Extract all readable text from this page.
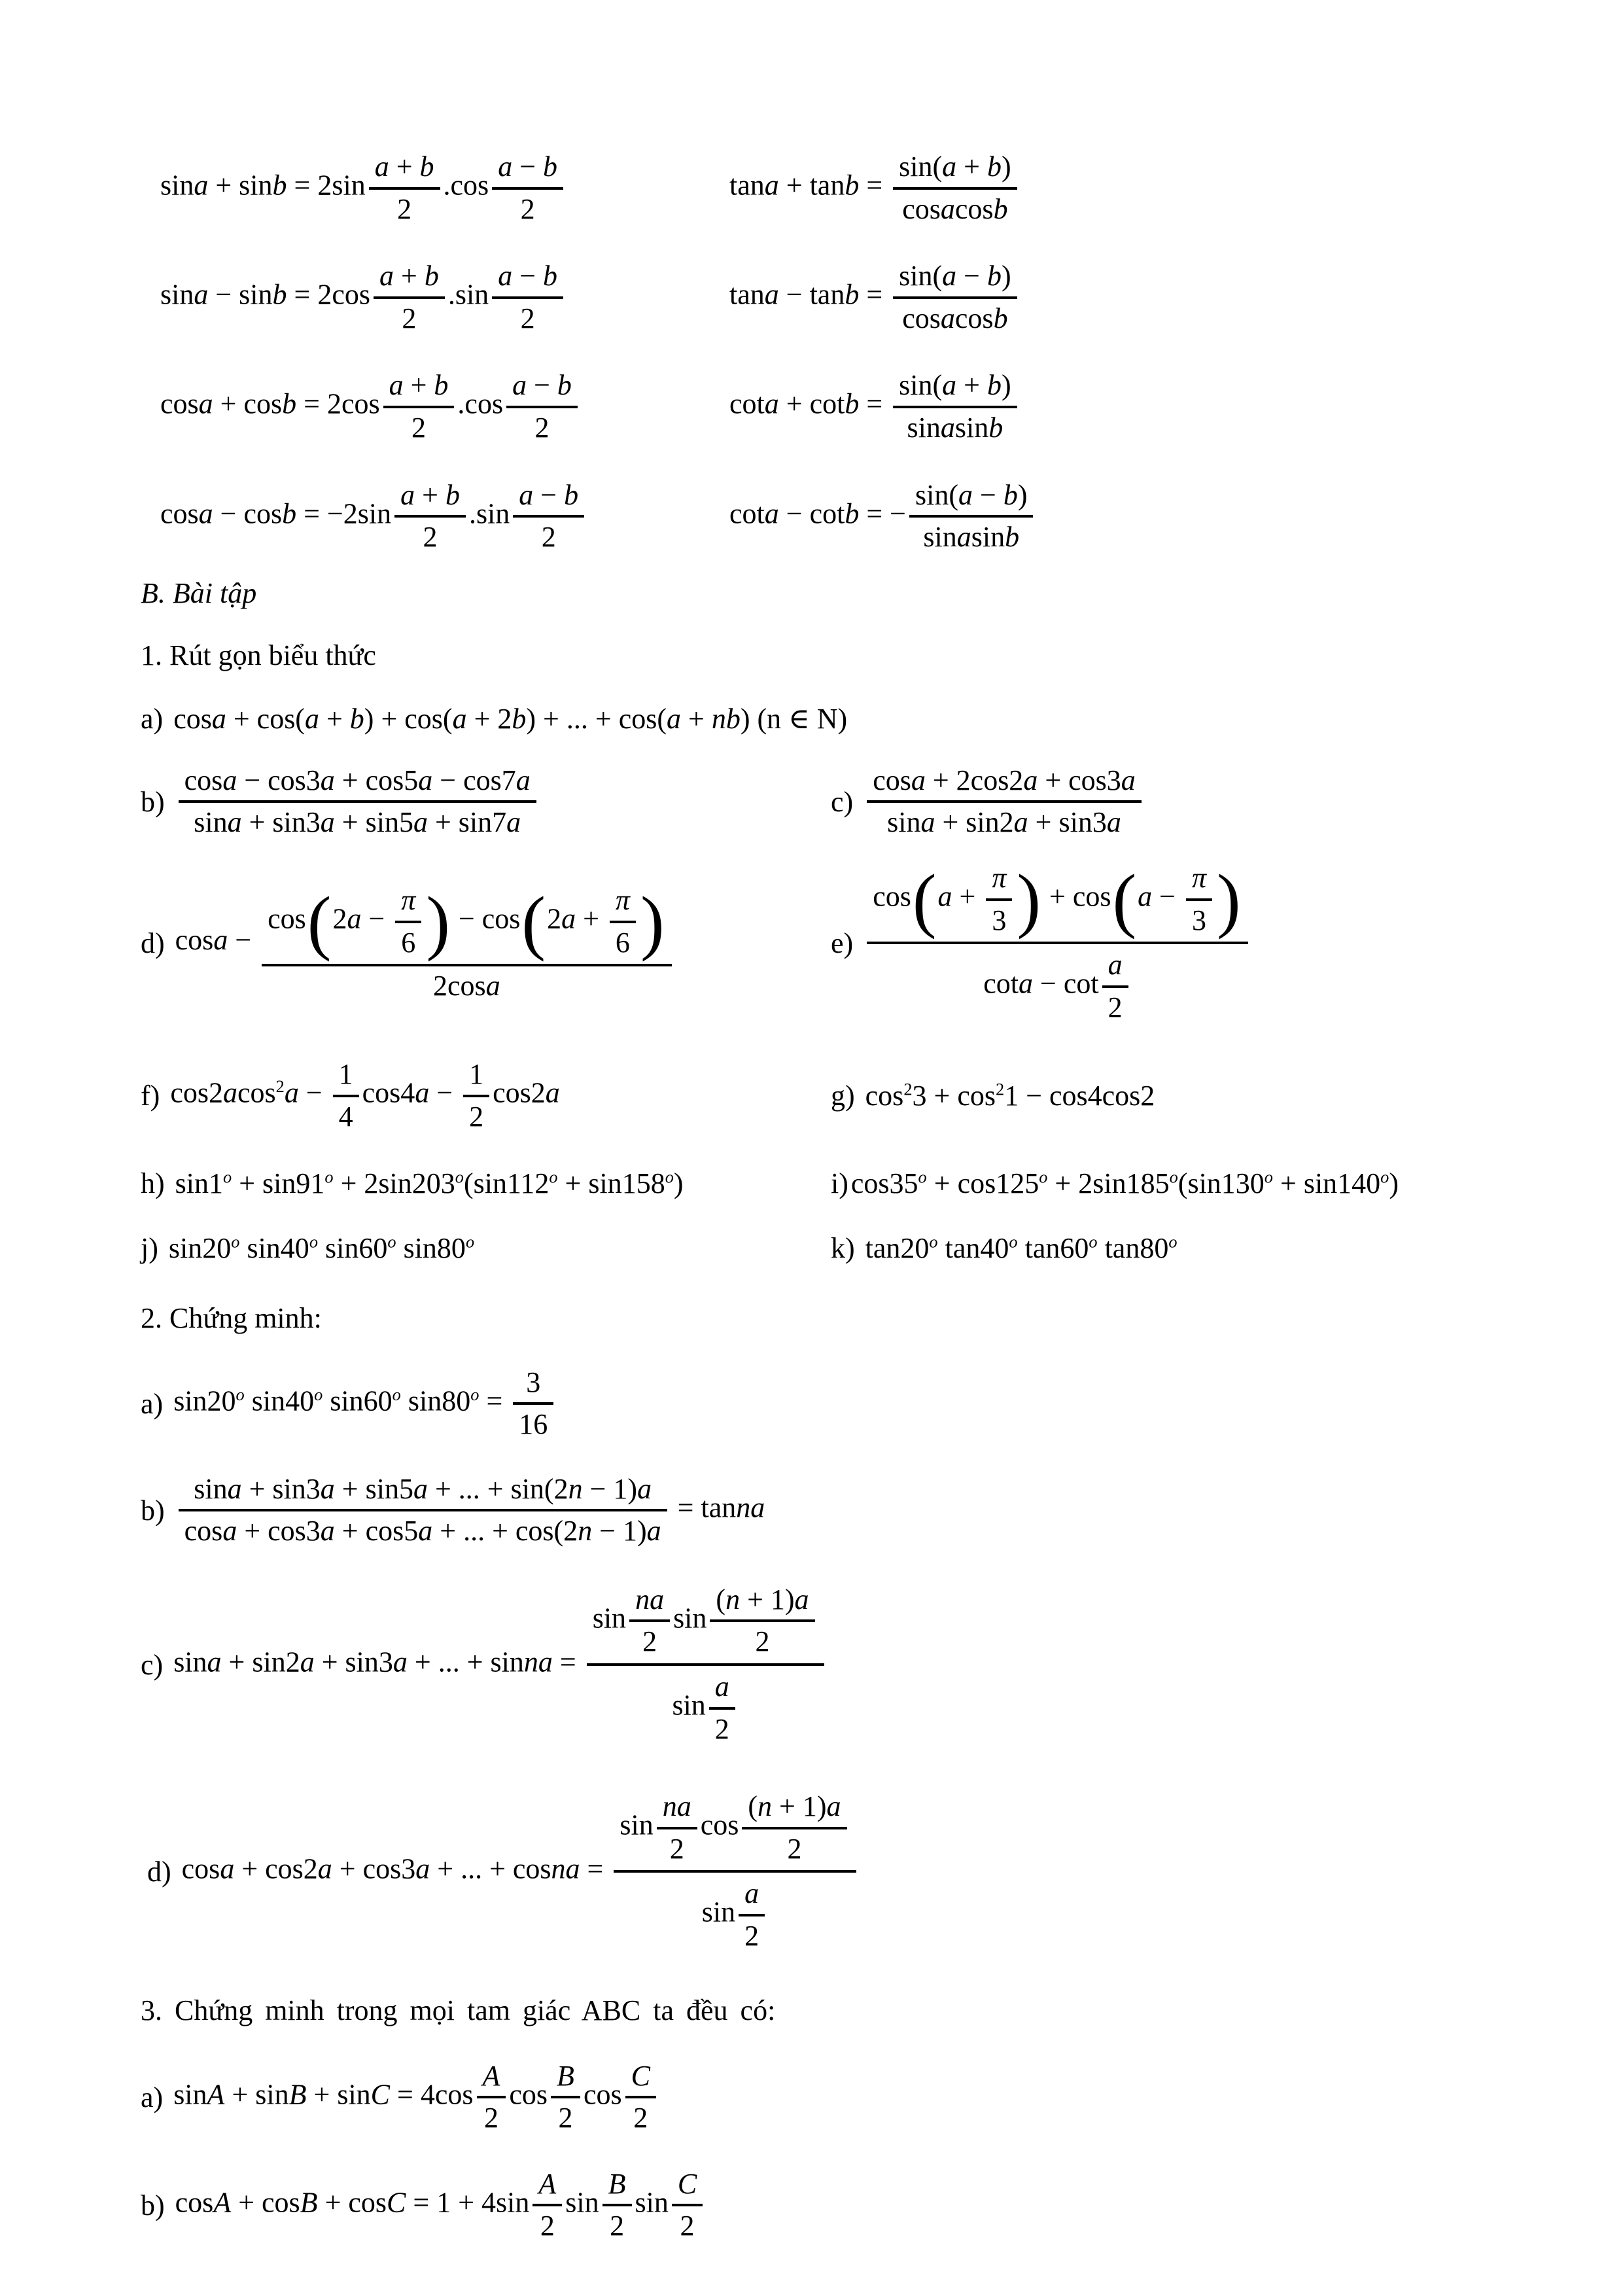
$\sin a + \sin b = 2\sin \frac{a + b}{2} .\cos \frac{a - b}{2}$	$\tan a + \tan b = \frac{\sin(a + b)}{\text{cosacosb}}$
$\sin a - \sin b = 2\cos \frac{a + b}{2} .\sin \frac{a - b}{2}$	$\tan a - \tan b = \frac{\sin(a - b)}{\text{cosacosb}}$
$\cos a + \cos b = 2\cos \frac{a + b}{2} .\cos \frac{a - b}{2}$	$\cot a + \cot b = \frac{\sin(a + b)}{\text{sinasinb}}$
$\cos a - \cos b = -2\sin \frac{a + b}{2} .\sin \frac{a - b}{2}$	cota − cotb = − $\frac{\sin(a - b)}{\text{sinasinb}}$
B. Bài tập
1. Rút gọn biểu thức
a) cosa + cos(a + b) + cos(a + 2b) + ... + cos(a + nb) (n ∈ N)
$b) \frac{\cos a - \cos 3a + \cos 5a - \cos 7a}{\sin a + \sin 3a + \sin 5a + \sin 7a}$	$c) \frac{\cos a + 2\cos 2a + \cos 3a}{\sin a + \sin 2a + \sin 3a}$
d) $\cos a - \frac{\cos ( 2a - \frac{\pi}{6} ) - \cos ( 2a + \frac{\pi}{6} )}{2\cos a}$	$e) \frac{\cos ( a + \frac{\pi}{3} ) + \cos ( a - \frac{\pi}{3} )}{\cot a - \cot \frac{a}{2}}$
f) $\cos 2acos^2a - \frac{1}{4} \cos 4a - \frac{1}{2} \cos 2a$	g) $\cos^23 + \cos^21 - \cos 4\cos 2$
h) $\sin 1^o + \sin 91^o + 2\sin 203^o(\sin 112^o + \sin 158^o)$	i) $\cos 35^o + \cos 125^o + 2\sin 185^o(\sin 130^o + \sin 140^o)$
j) sin20$^o$ sin40$^o$ sin60$^o$ sin80$^o$	k) tan20$^o$ tan40$^o$ tan60$^o$ tan80$^o$
2. Chứng minh:
a) sin20$^o$ sin40$^o$ sin60$^o$ $\sin 80^o = \frac{3}{16}$
$b) \frac{\sin a + \sin 3a + \sin 5a + ... + \sin(2n - 1)a}{\cos a + \cos 3a + \cos 5a + ... + \cos(2n - 1)a}$ = tanna
c) sina + sin2a + sin3a + ... + sinna = $\frac{\sin \frac{na}{2} \sin \frac{(n + 1)a}{2}}{\sin \frac{a}{2}}$
d) cosa + cos2a + cos3a + ... + cosna = $\frac{\sin \frac{na}{2} \cos \frac{(n + 1)a}{2}}{\sin \frac{a}{2}}$
3. Chứng minh trong mọi tam giác ABC ta đều có:
a) $\sin A + \sin B + \sin C = 4\cos \frac{A}{2}$ $\cos \frac{B}{2}$ $\cos \frac{C}{2}$
b) $\cos A + \cos B + \cos C = 1 + 4\sin \frac{A}{2}$ $\sin \frac{B}{2}$ $\sin \frac{C}{2}$
